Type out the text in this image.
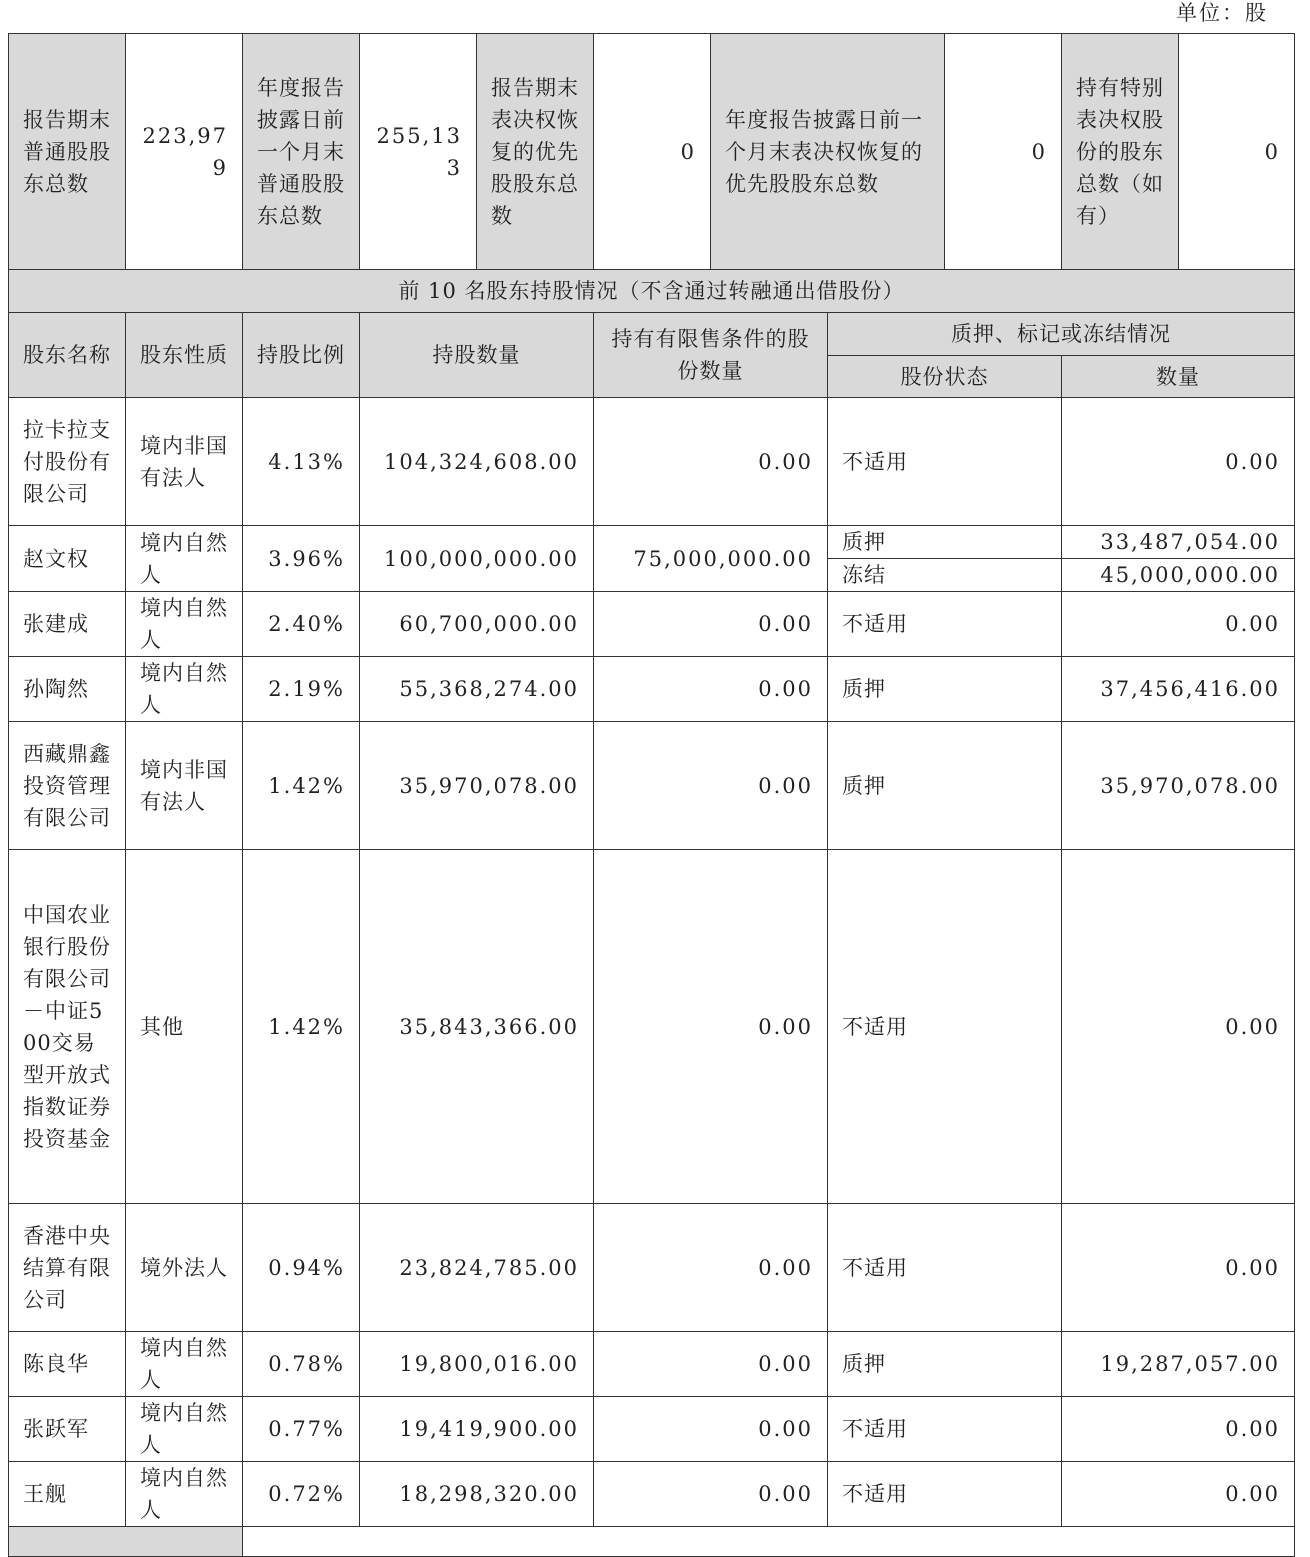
单位：股
报告期末普通股股东总数	223,979	年度报告披露日前一个月末普通股股东总数	255,133	报告期末表决权恢复的优先股股东总数	0	年度报告披露日前一个月末表决权恢复的优先股股东总数		0	持有特别表决权股份的股东总数（如有）	0
前 10 名股东持股情况（不含通过转融通出借股份）										
股东名称	股东性质	持股比例	持股数量		持有有限售条件的股份数量		质押、标记或冻结情况			
							股份状态		数量	
拉卡拉支付股份有限公司	境内非国有法人	4.13%	104,324,608.00		0.00		不适用		0.00	
赵文权	境内自然人	3.96%	100,000,000.00		75,000,000.00		质押		33,487,054.00	
							冻结		45,000,000.00	
张建成	境内自然人	2.40%	60,700,000.00		0.00		不适用		0.00	
孙陶然	境内自然人	2.19%	55,368,274.00		0.00		质押		37,456,416.00	
西藏鼎鑫投资管理有限公司	境内非国有法人	1.42%	35,970,078.00		0.00		质押		35,970,078.00	
中国农业银行股份有限公司－中证500交易型开放式指数证券投资基金	其他	1.42%	35,843,366.00		0.00		不适用		0.00	
香港中央结算有限公司	境外法人	0.94%	23,824,785.00		0.00		不适用		0.00	
陈良华	境内自然人	0.78%	19,800,016.00		0.00		质押		19,287,057.00	
张跃军	境内自然人	0.77%	19,419,900.00		0.00		不适用		0.00	
王舰	境内自然人	0.72%	18,298,320.00		0.00		不适用		0.00	
